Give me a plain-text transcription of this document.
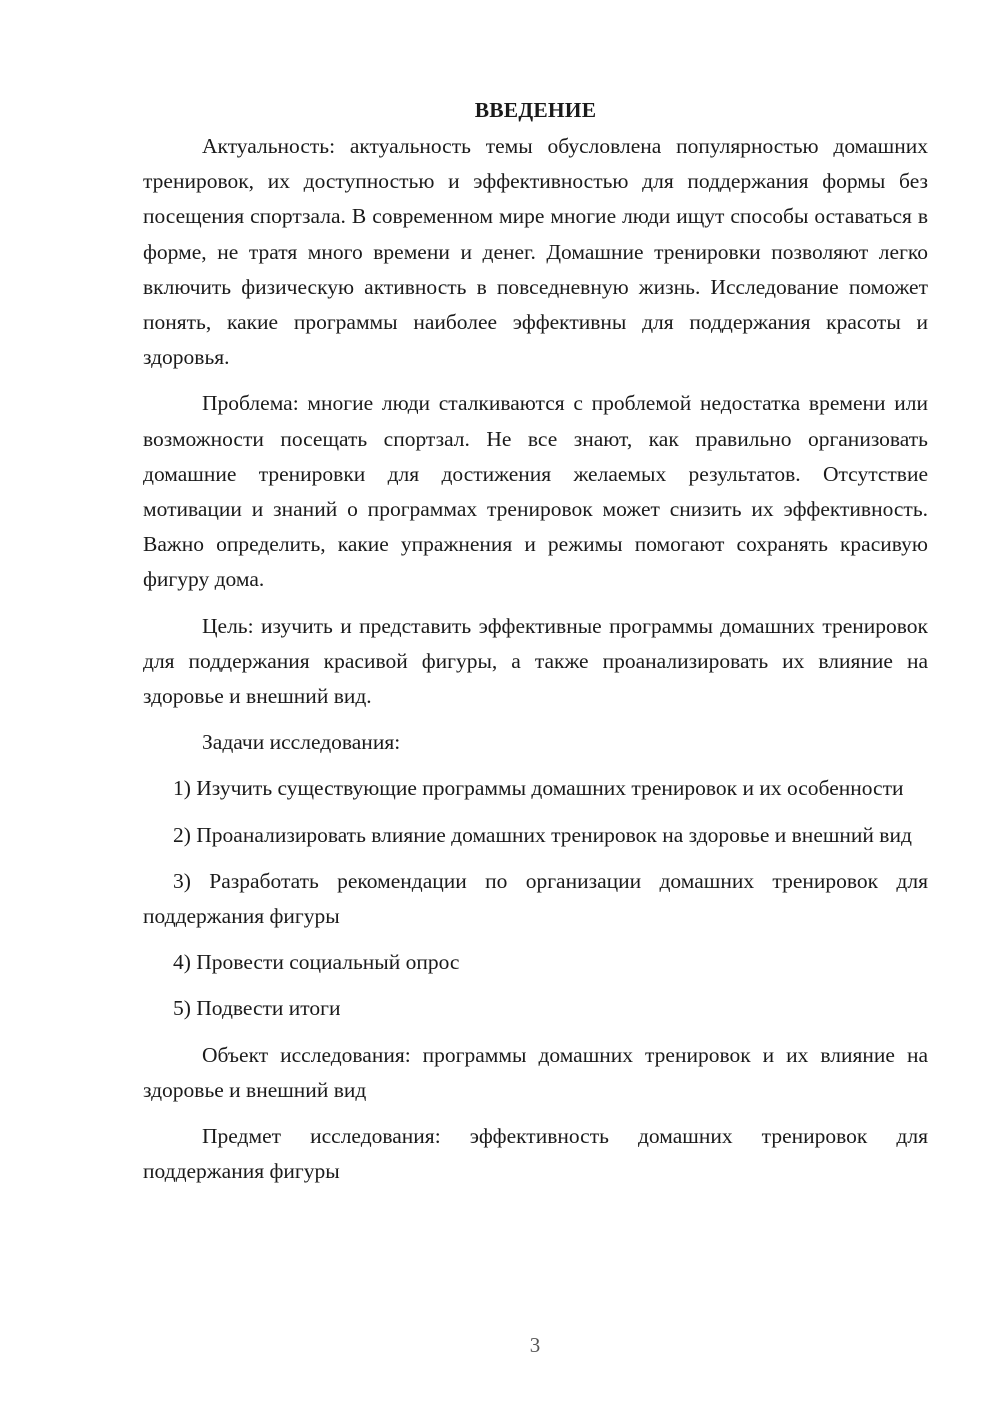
ВВЕДЕНИЕ

Актуальность: актуальность темы обусловлена популярностью домашних тренировок, их доступностью и эффективностью для поддержания формы без посещения спортзала. В современном мире многие люди ищут способы оставаться в форме, не тратя много времени и денег. Домашние тренировки позволяют легко включить физическую активность в повседневную жизнь. Исследование поможет понять, какие программы наиболее эффективны для поддержания красоты и здоровья.

Проблема: многие люди сталкиваются с проблемой недостатка времени или возможности посещать спортзал. Не все знают, как правильно организовать домашние тренировки для достижения желаемых результатов. Отсутствие мотивации и знаний о программах тренировок может снизить их эффективность. Важно определить, какие упражнения и режимы помогают сохранять красивую фигуру дома.

Цель: изучить и представить эффективные программы домашних тренировок для поддержания красивой фигуры, а также проанализировать их влияние на здоровье и внешний вид.

Задачи исследования:

1) Изучить существующие программы домашних тренировок и их особенности

2) Проанализировать влияние домашних тренировок на здоровье и внешний вид

3) Разработать рекомендации по организации домашних тренировок для поддержания фигуры

4) Провести социальный опрос

5) Подвести итоги

Объект исследования: программы домашних тренировок и их влияние на здоровье и внешний вид

Предмет исследования: эффективность домашних тренировок для поддержания фигуры

3
